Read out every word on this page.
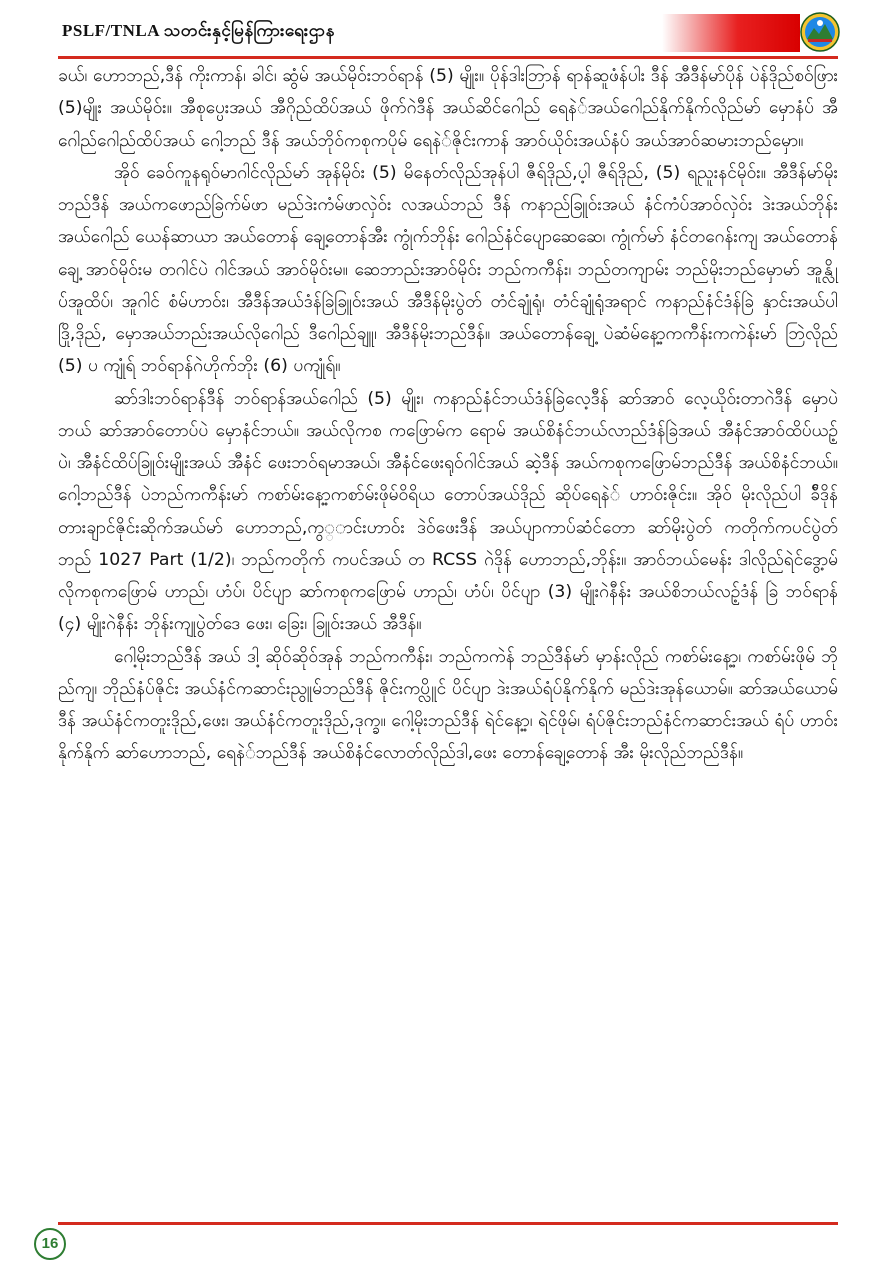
PSLF/TNLA သတင်းနှင့်မြန်ကြားရေးဌာန

ခယ်၊ ဟောဘည်,ဒီန် ကိုးကာန်၊ ခါင်၊ ဆွံမ် အယ်မိုဝ်းဘဝ်ရာန် (5) မျိုး။ ပိုန်ဒါးဘြာန် ရာန်ဆူဖံန်ပါး ဒီန် အီဒီန်မာ်ပိုန် ပဲန်ဒိုည်စဝ်ဖြား (5)မျိုး အယ်မိုဝ်း။ အီစုပ္ပေးအယ် အီဂိုည်ထိပ်အယ် ဖိုက်ဂဲဒီန် အယ်ဆိင်ဂေါည် ရေနဲ်အယ်ဂေါည်နိုက်နိုက်လိုည်မာ် မှောနံပ် အီဂေါည်ဂေါည်ထိပ်အယ် ဂေါ့ဘည် ဒီန် အယ်ဘိုဝ်ကစုကပိုမ် ရေနဲ်ဇိုင်းကာန် အာဝ်ယိုဝ်းအယ်နံပ် အယ်အာဝ်ဆမားဘည်မှော။

အိုဝ် ခေဝ်ကူနရုဝ်မာဂါင်လိုည်မာ် အုန်မိုဝ်း (5) မိနေတ်လိုည်အုန်ပါ ဇီရ်ဒိုည်,ပ့ါ ဇီရ်ဒိုည်, (5) ရညူးနင်မိုဝ်း။ အီဒီန်မာ်မိုးဘည်ဒီန် အယ်ကဖောည်ခြဲက်မ်ဖာ မည်ဒဲးကံမ်ဖာလှဲဝ်း လအယ်ဘည် ဒီန် ကနာည်ခြူဝ်းအယ် နံင်ကံပ်အာဝ်လှဲဝ်း ဒဲးအယ်ဘိုန်းအယ်ဂေါည် ယေန်ဆာယာ အယ်တောန် ချေ့တောန်အီး ကွုံက်ဘိုန်း ဂေါည်နံင်ပျောဆေဆေ၊ ကွုံက်မာ် နံင်တဂေန်းကျ အယ်တောန်ချေ့ အာဝ်မိုဝ်းမ တဂါင်ပဲ ဂါင်အယ် အာဝ်မိုဝ်းမ။ ဆေဘာည်းအာဝ်မိုဝ်း ဘည်ကကီန်း၊ ဘည်တကျာမ်း ဘည်မိုးဘည်မှောမာ် အူန္လိုပ်အူထိပ်၊ အူဂါင် စံမ်ဟာဝ်း၊ အီဒီန်အယ်ဒံန်ခြဲခြူဝ်းအယ် အီဒီန်မိုးပွဲတ် တံင်ချုံရုံ၊ တံင်ချုံရုံအရာင် ကနာည်နံင်ဒံန်ခြဲ နှာင်းအယ်ပါဒြို,ဒိုည်, မှောအယ်ဘည်းအယ်လိုဂေါည် ဒီဂေါည်ချူ၊ အီဒီန်မိုးဘည်ဒီန်။ အယ်တောန်ချေ့ ပဲဆံမ်နေ့ာ့ကကီန်းကကဲန်းမာ် ဘြဲလိုည် (5) ပ ကျုံရ် ဘဝ်ရာန်ဂဲဟိုက်ဘိုး (6) ပကျုံရ်။

ဆာ်ဒါးဘဝ်ရာန်ဒီန် ဘဝ်ရာန်အယ်ဂေါည် (5) မျိုး၊ ကနာည်နံင်ဘယ်ဒံန်ခြဲလေ့ဒီန် ဆာ်အာဝ် လေ့ယိုဝ်းတာဂဲဒီန် မှောပဲဘယ် ဆာ်အာဝ်တောပ်ပဲ မှောနံင်ဘယ်။ အယ်လိုကစ ကဖြောမ်က ရောမ် အယ်စိနံင်ဘယ်လာည်ဒံန်ခြဲအယ် အီနံင်အာဝ်ထိပ်ယဉ့်ပဲ၊ အီနံင်ထိပ်ခြူဝ်းမျိုးအယ် အီနံင် ဖေးဘဝ်ရမာအယ်၊ အီနံင်ဖေးရုဝ်ဂါင်အယ် ဆဲ့ဒီန် အယ်ကစုကဖြောမ်ဘည်ဒီန် အယ်စိနံင်ဘယ်။ ဂေါ့ဘည်ဒီန် ပဲဘည်ကကီန်းမာ် ကစာ်မ်းနေ့ာ့ကစာ်မ်းဖိုမ်ဝိရိယ တောပ်အယ်ဒိုည် ဆိုပ်ရေနဲ် ဟာဝ်းဇိုင်း။ အိုဝ် မိုးလိုည်ပါ ခ်ီဒိုန် တားချာင်ဇိုင်းဆိုက်အယ်မာ် ဟောဘည်,ကွ္ာင်းဟာဝ်း ဒဲဝ်ဖေးဒီန် အယ်ပျာကာပ်ဆံင်တော ဆာ်မိုးပွဲတ် ကတိုက်ကပင်ပွဲတ် ဘည် 1027 Part (1/2)၊ ဘည်ကတိုက် ကပင်အယ် တ RCSS ဂဲဒိုန် ဟောဘည်,ဘိုန်း။ အာဝ်ဘယ်မေန်း ဒါလိုည်ရဲင်ဒွေ့ာမ် လိုကစုကဖြောမ် ဟာည်၊ ဟံပ်၊ ပိင်ပျာ ဆာ်ကစုကဖြောမ် ဟာည်၊ ဟံပ်၊ ပိင်ပျာ (3) မျိုးဂဲနီန်း အယ်စိဘယ်လဉ့်ဒံန် ခြဲ ဘဝ်ရာန် (၄) မျိုးဂဲနီန်း ဘိုန်းကျုပွဲတ်ဒေ ဖေး၊ ခြေး၊ ခြူဝ်းအယ် အီဒီန်။

ဂေါ့မိုးဘည်ဒီန် အယ် ဒါ့ ဆိုဝ်ဆိုဝ်အုန် ဘည်ကကီန်း၊ ဘည်ကကဲန် ဘည်ဒီန်မာ် မှာန်းလိုည် ကစာ်မ်းနေ့ာ့၊ ကစာ်မ်းဖိုမ် ဘိုည်ကျ၊ ဘိုည်နံပ်ဇိုင်း အယ်နံင်ကဆာင်းညွူမ်ဘည်ဒီန် ဇိုင်းကပ္လိူင် ပိင်ပျာ ဒဲးအယ်ရံပ်နိုက်နိုက် မည်ဒဲးအုန်ယောမ်။ ဆာ်အယ်ယောမ်ဒီန် အယ်နံင်ကတူးဒိုည်,ဖေး၊ အယ်နံင်ကတူးဒိုည်,ဒုက္ခ။ ဂေါ့မိုးဘည်ဒီန် ရဲင်နေ့ာ့၊ ရဲင်ဖိုမ်၊ ရံပ်ဇိုင်းဘည်နံင်ကဆာင်းအယ် ရံပ် ဟာဝ်းနိုက်နိုက် ဆာ်ဟောဘည်, ရေနဲ်ဘည်ဒီန် အယ်စိနံင်လောတ်လိုည်ဒါ,ဖေး တောန်ချေ့တောန် အီး မိုးလိုည်ဘည်ဒီန်။

16
